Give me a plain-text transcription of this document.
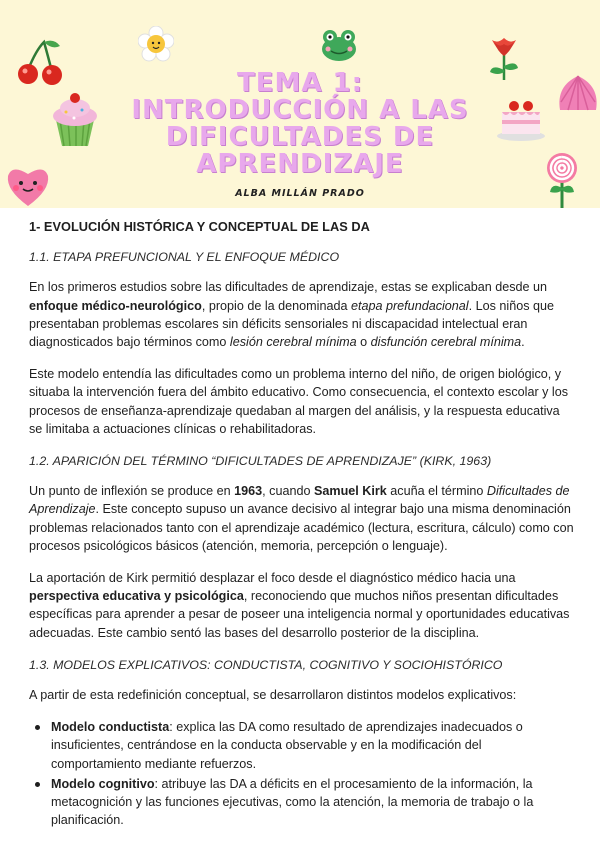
TEMA 1:
INTRODUCCIÓN A LAS
DIFICULTADES DE
APRENDIZAJE
ALBA MILLÁN PRADO
1- EVOLUCIÓN HISTÓRICA Y CONCEPTUAL DE LAS DA
1.1. ETAPA PREFUNCIONAL Y EL ENFOQUE MÉDICO

En los primeros estudios sobre las dificultades de aprendizaje, estas se explicaban desde un enfoque médico-neurológico, propio de la denominada etapa prefundacional. Los niños que presentaban problemas escolares sin déficits sensoriales ni discapacidad intelectual eran diagnosticados bajo términos como lesión cerebral mínima o disfunción cerebral mínima.

Este modelo entendía las dificultades como un problema interno del niño, de origen biológico, y situaba la intervención fuera del ámbito educativo. Como consecuencia, el contexto escolar y los procesos de enseñanza-aprendizaje quedaban al margen del análisis, y la respuesta educativa se limitaba a actuaciones clínicas o rehabilitadoras.

1.2. APARICIÓN DEL TÉRMINO “DIFICULTADES DE APRENDIZAJE” (KIRK, 1963)

Un punto de inflexión se produce en 1963, cuando Samuel Kirk acuña el término Dificultades de Aprendizaje. Este concepto supuso un avance decisivo al integrar bajo una misma denominación problemas relacionados tanto con el aprendizaje académico (lectura, escritura, cálculo) como con procesos psicológicos básicos (atención, memoria, percepción o lenguaje).

La aportación de Kirk permitió desplazar el foco desde el diagnóstico médico hacia una perspectiva educativa y psicológica, reconociendo que muchos niños presentan dificultades específicas para aprender a pesar de poseer una inteligencia normal y oportunidades educativas adecuadas. Este cambio sentó las bases del desarrollo posterior de la disciplina.

1.3. MODELOS EXPLICATIVOS: CONDUCTISTA, COGNITIVO Y SOCIOHISTÓRICO

A partir de esta redefinición conceptual, se desarrollaron distintos modelos explicativos:

Modelo conductista: explica las DA como resultado de aprendizajes inadecuados o insuficientes, centrándose en la conducta observable y en la modificación del comportamiento mediante refuerzos.
Modelo cognitivo: atribuye las DA a déficits en el procesamiento de la información, la metacognición y las funciones ejecutivas, como la atención, la memoria de trabajo o la planificación.
